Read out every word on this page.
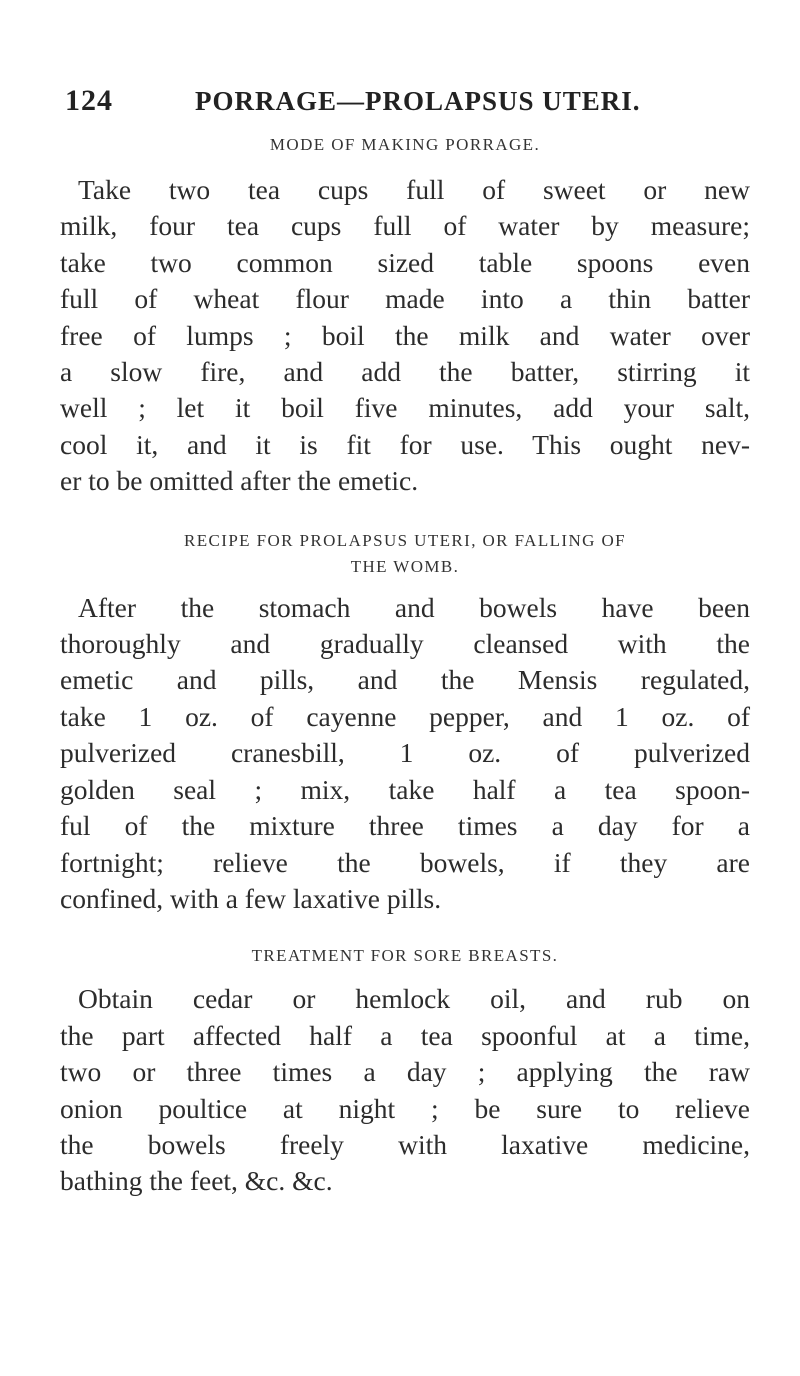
124	PORRAGE—PROLAPSUS UTERI.
MODE OF MAKING PORRAGE.

Take two tea cups full of sweet or new
milk, four tea cups full of water by measure;
take two common sized table spoons even
full of wheat flour made into a thin batter
free of lumps ; boil the milk and water over
a slow fire, and add the batter, stirring it
well ; let it boil five minutes, add your salt,
cool it, and it is fit for use. This ought nev-
er to be omitted after the emetic.

RECIPE FOR PROLAPSUS UTERI, OR FALLING OF
THE WOMB.

After the stomach and bowels have been
thoroughly and gradually cleansed with the
emetic and pills, and the Mensis regulated,
take 1 oz. of cayenne pepper, and 1 oz. of
pulverized cranesbill, 1 oz. of pulverized
golden seal ; mix, take half a tea spoon-
ful of the mixture three times a day for a
fortnight; relieve the bowels, if they are
confined, with a few laxative pills.

TREATMENT FOR SORE BREASTS.

Obtain cedar or hemlock oil, and rub on
the part affected half a tea spoonful at a time,
two or three times a day ; applying the raw
onion poultice at night ; be sure to relieve
the bowels freely with laxative medicine,
bathing the feet, &c. &c.
